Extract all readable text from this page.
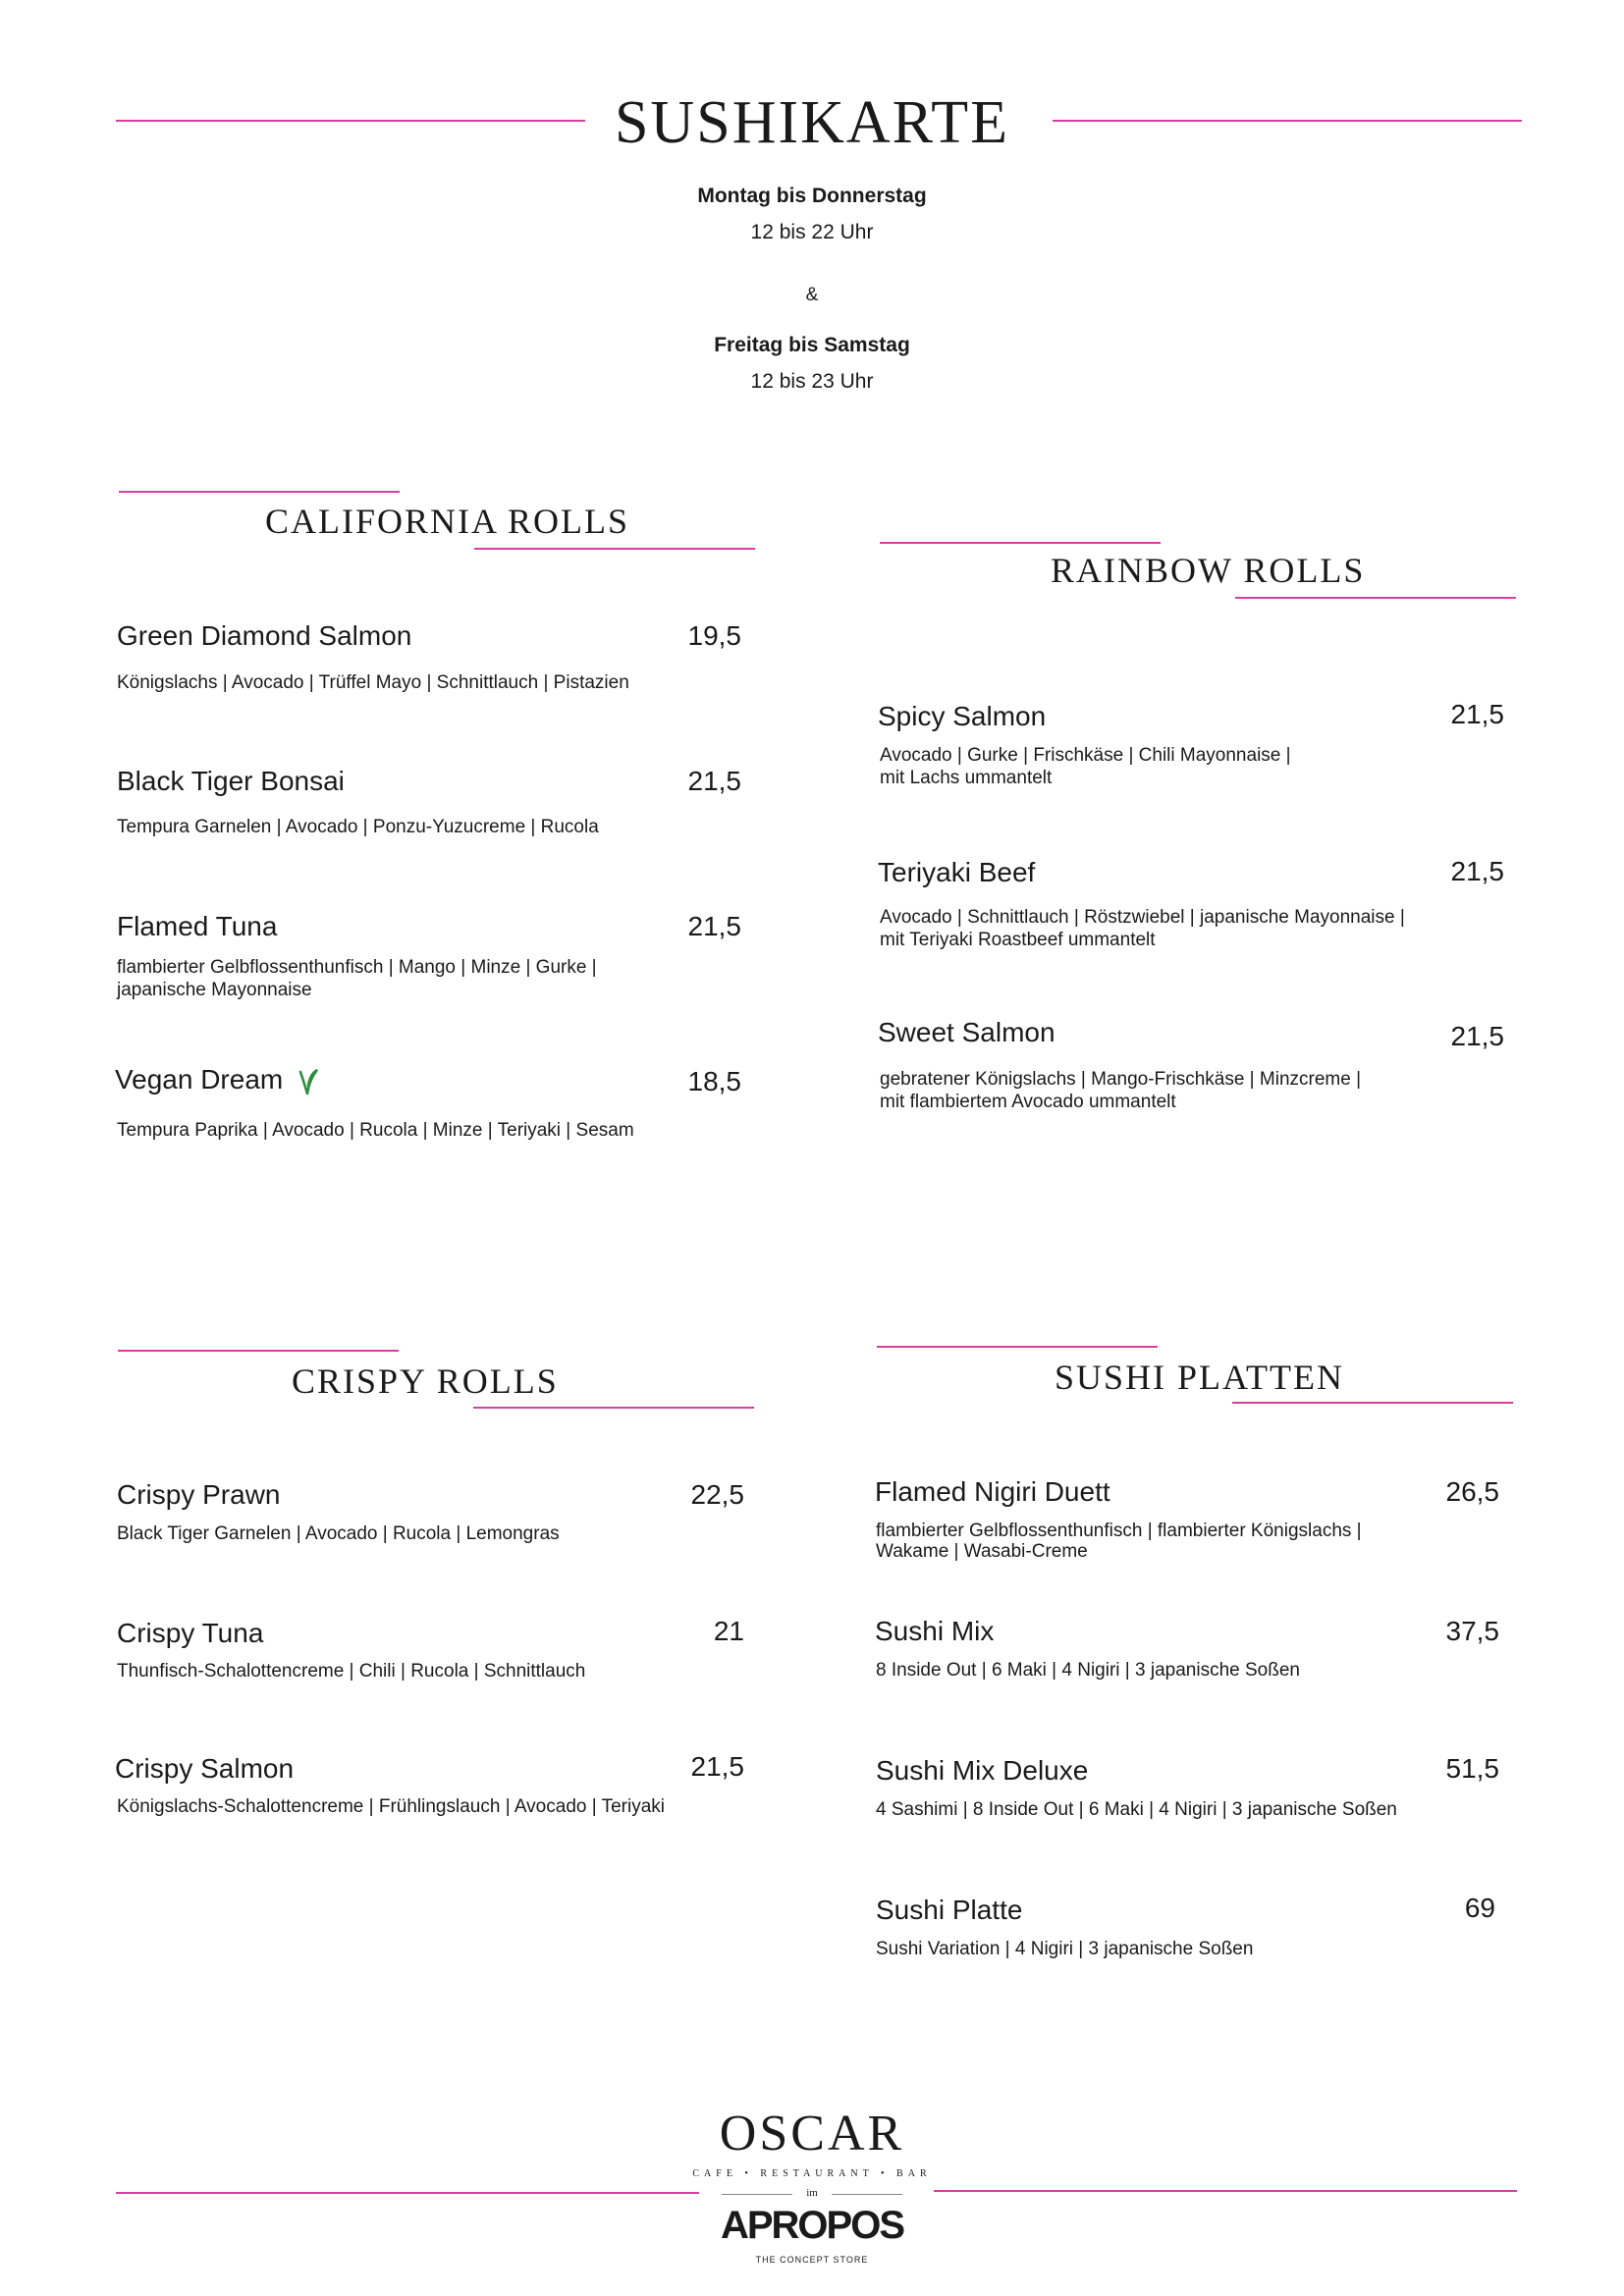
SUSHIKARTE
Montag bis Donnerstag
12 bis 22 Uhr
&
Freitag bis Samstag
12 bis 23 Uhr
CALIFORNIA ROLLS
Green Diamond Salmon	19,5
Königslachs | Avocado | Trüffel Mayo | Schnittlauch | Pistazien
Black Tiger Bonsai	21,5
Tempura Garnelen | Avocado | Ponzu-Yuzucreme | Rucola
Flamed Tuna	21,5
flambierter Gelbflossenthunfisch | Mango | Minze | Gurke |
japanische Mayonnaise
Vegan Dream	18,5
Tempura Paprika | Avocado | Rucola | Minze | Teriyaki | Sesam
RAINBOW ROLLS
Spicy Salmon	21,5
Avocado | Gurke | Frischkäse | Chili Mayonnaise |
mit Lachs ummantelt
Teriyaki Beef	21,5
Avocado | Schnittlauch | Röstzwiebel | japanische Mayonnaise |
mit Teriyaki Roastbeef ummantelt
Sweet Salmon	21,5
gebratener Königslachs | Mango-Frischkäse | Minzcreme |
mit flambiertem Avocado ummantelt
CRISPY ROLLS
Crispy Prawn	22,5
Black Tiger Garnelen | Avocado | Rucola | Lemongras
Crispy Tuna	21
Thunfisch-Schalottencreme | Chili | Rucola | Schnittlauch
Crispy Salmon	21,5
Königslachs-Schalottencreme | Frühlingslauch | Avocado | Teriyaki
SUSHI PLATTEN
Flamed Nigiri Duett	26,5
flambierter Gelbflossenthunfisch | flambierter Königslachs |
Wakame | Wasabi-Creme
Sushi Mix	37,5
8 Inside Out | 6 Maki | 4 Nigiri | 3 japanische Soßen
Sushi Mix Deluxe	51,5
4 Sashimi | 8 Inside Out | 6 Maki | 4 Nigiri | 3 japanische Soßen
Sushi Platte	69
Sushi Variation | 4 Nigiri | 3 japanische Soßen
OSCAR
CAFE • RESTAURANT • BAR
im
APROPOS
THE CONCEPT STORE
